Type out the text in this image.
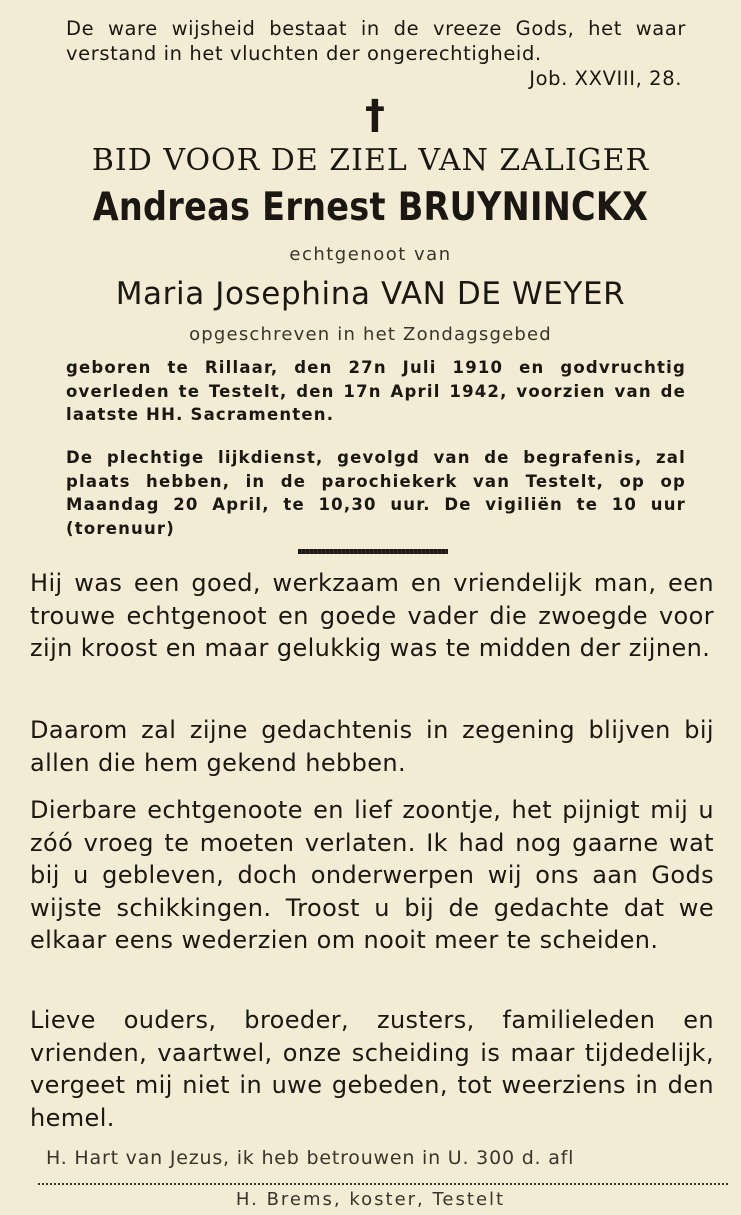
De ware wijsheid bestaat in de vreeze Gods, het waar verstand in het vluchten der ongerechtigheid.
Job. XXVIII, 28.
†
BID VOOR DE ZIEL VAN ZALIGER
Andreas Ernest BRUYNINCKX
echtgenoot van
Maria Josephina VAN DE WEYER
opgeschreven in het Zondagsgebed
geboren te Rillaar, den 27n Juli 1910 en godvruchtig overleden te Testelt, den 17n April 1942, voorzien van de laatste HH. Sacramenten.
De plechtige lijkdienst, gevolgd van de begrafenis, zal plaats hebben, in de parochiekerk van Testelt, op op Maandag 20 April, te 10,30 uur. De vigiliën te 10 uur (torenuur)
Hij was een goed, werkzaam en vriendelijk man, een trouwe echtgenoot en goede vader die zwoegde voor zijn kroost en maar gelukkig was te midden der zijnen.
Daarom zal zijne gedachtenis in zegening blijven bij allen die hem gekend hebben.
Dierbare echtgenoote en lief zoontje, het pijnigt mij u zóó vroeg te moeten verlaten. Ik had nog gaarne wat bij u gebleven, doch onderwerpen wij ons aan Gods wijste schikkingen. Troost u bij de gedachte dat we elkaar eens wederzien om nooit meer te scheiden.
Lieve ouders, broeder, zusters, familieleden en vrienden, vaartwel, onze scheiding is maar tijdedelijk, vergeet mij niet in uwe gebeden, tot weerziens in den hemel.
H. Hart van Jezus, ik heb betrouwen in U. 300 d. afl
H. Brems, koster, Testelt
